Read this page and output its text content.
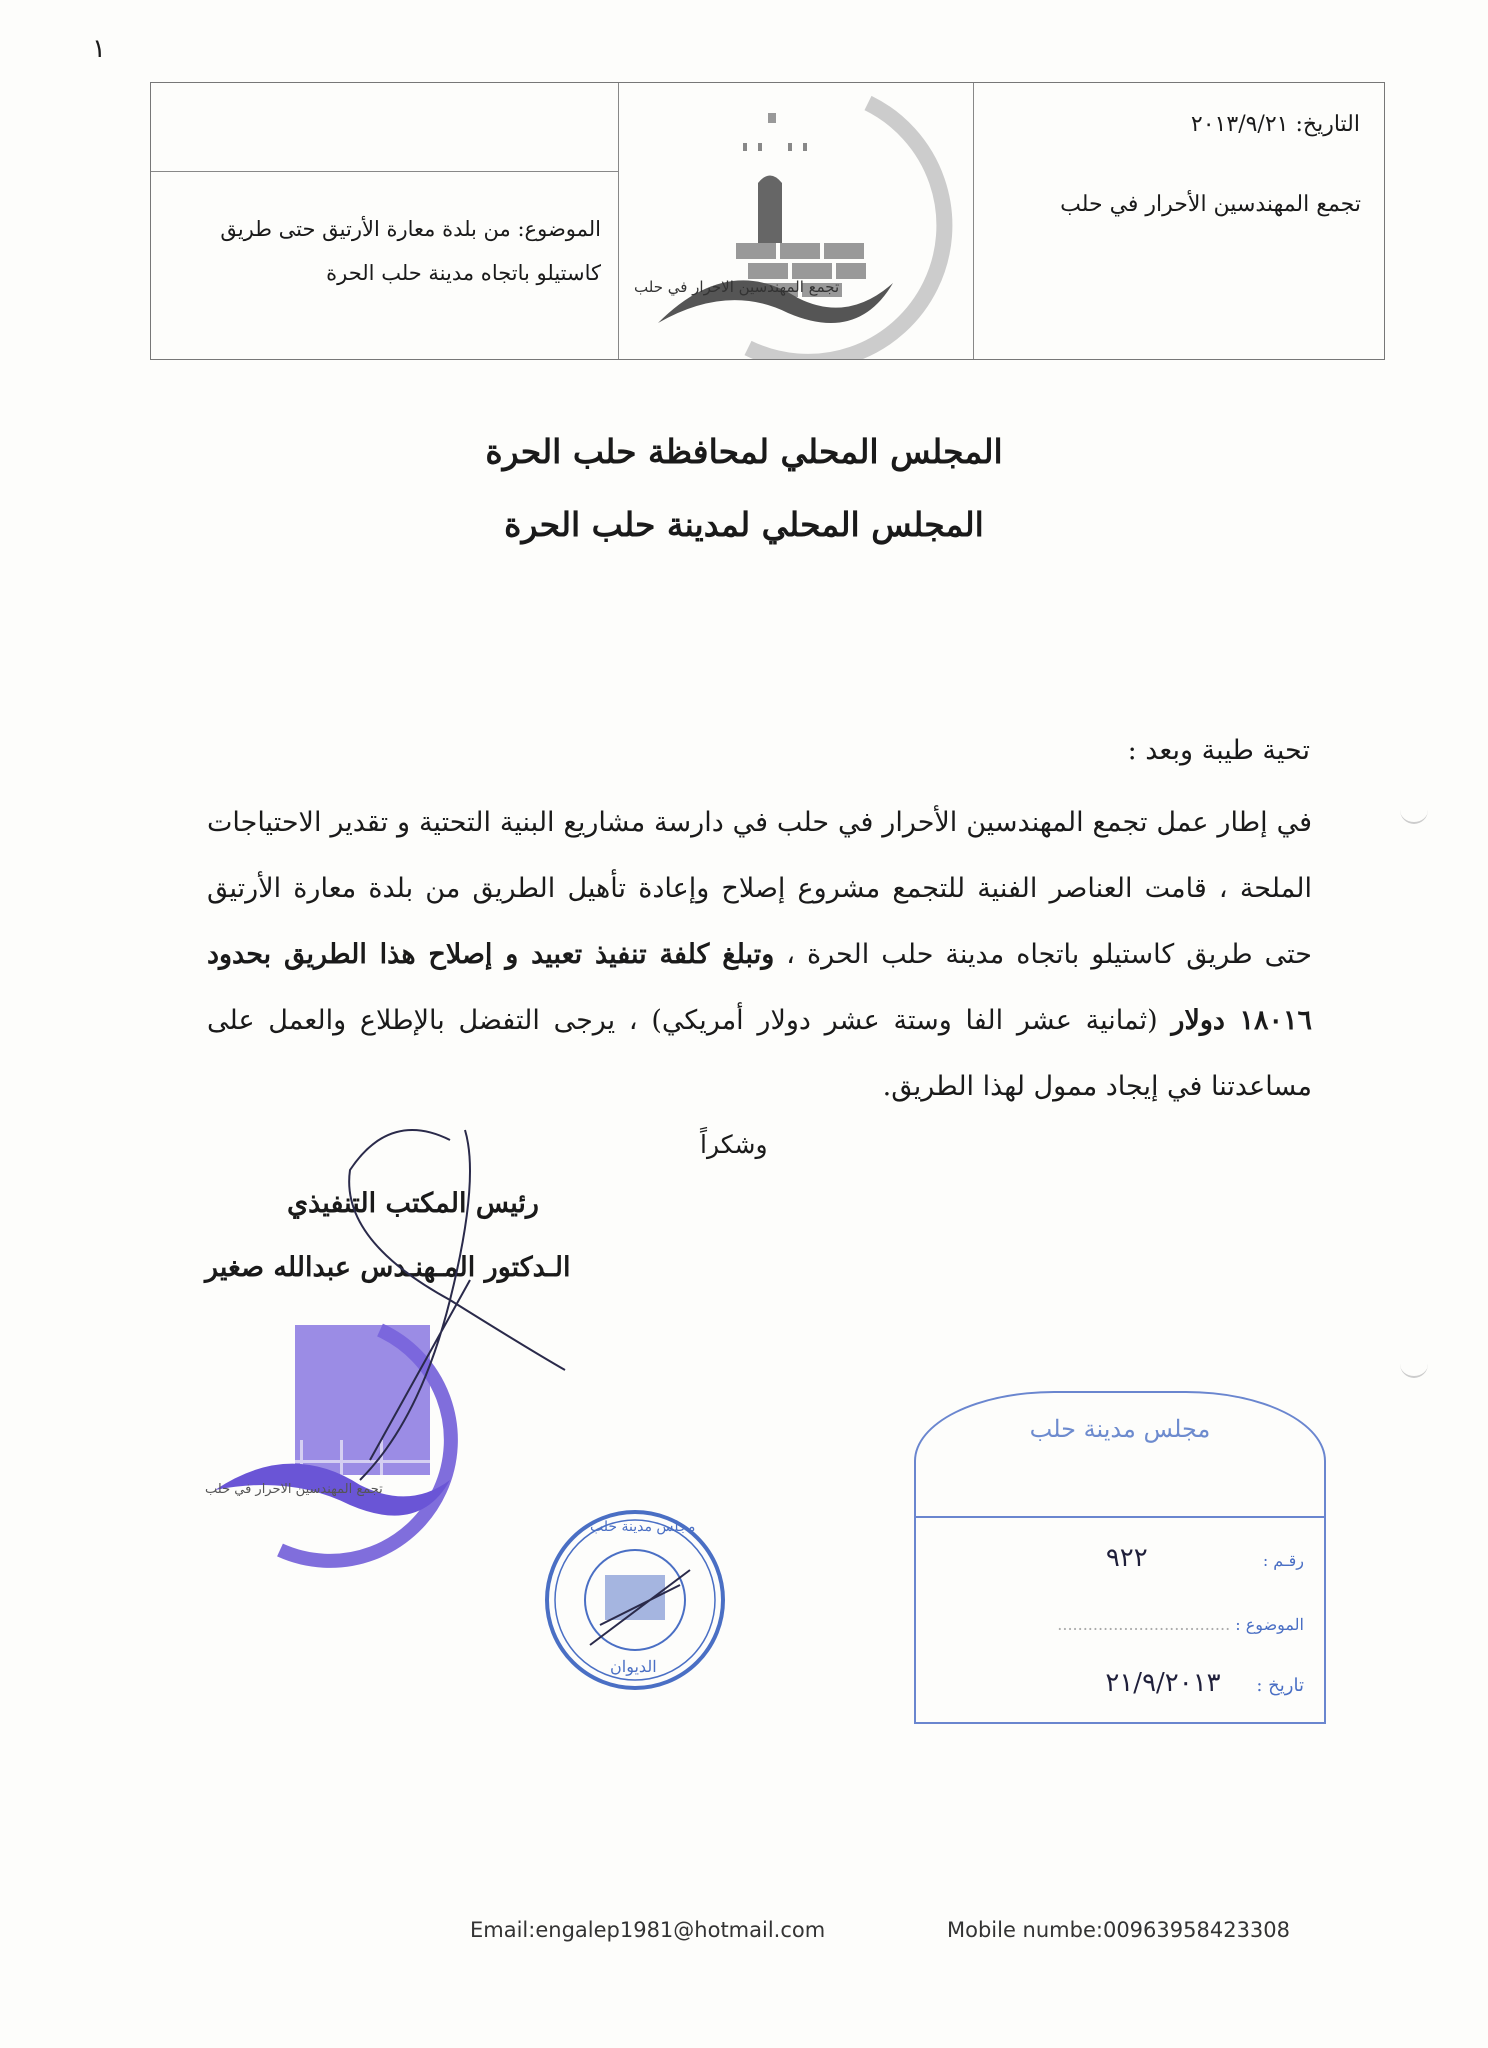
١
التاريخ: ٢٠١٣/٩/٢١
الموضوع: من بلدة معارة الأرتيق حتى طريق
كاستيلو باتجاه مدينة حلب الحرة
تجمع المهندسين الاحرار في حلب
تجمع المهندسين الأحرار في حلب
المجلس المحلي لمحافظة حلب الحرة
المجلس المحلي لمدينة حلب الحرة
تحية طيبة وبعد :

في إطار عمل تجمع المهندسين الأحرار في حلب في دارسة مشاريع البنية التحتية و تقدير الاحتياجات الملحة ، قامت العناصر الفنية للتجمع مشروع إصلاح وإعادة تأهيل الطريق من بلدة معارة الأرتيق حتى طريق كاستيلو باتجاه مدينة حلب الحرة ، وتبلغ كلفة تنفيذ تعبيد و إصلاح هذا الطريق بحدود ١٨٠١٦ دولار (ثمانية عشر الفا وستة عشر دولار أمريكي) ، يرجى التفضل بالإطلاع والعمل على مساعدتنا في إيجاد ممول لهذا الطريق.

وشكراً
رئيس المكتب التنفيذي
الـدكتور المـهنـدس عبدالله صغير
تجمع المهندسين الاحرار في حلب
مجلس مدينة حلب
الديوان
مجلس مدينة حلب
رقـم : ٩٢٢
الموضوع : ..................................
تاريخ : ٢١/٩/٢٠١٣
Email:engalep1981@hotmail.com	Mobile numbe:00963958423308
